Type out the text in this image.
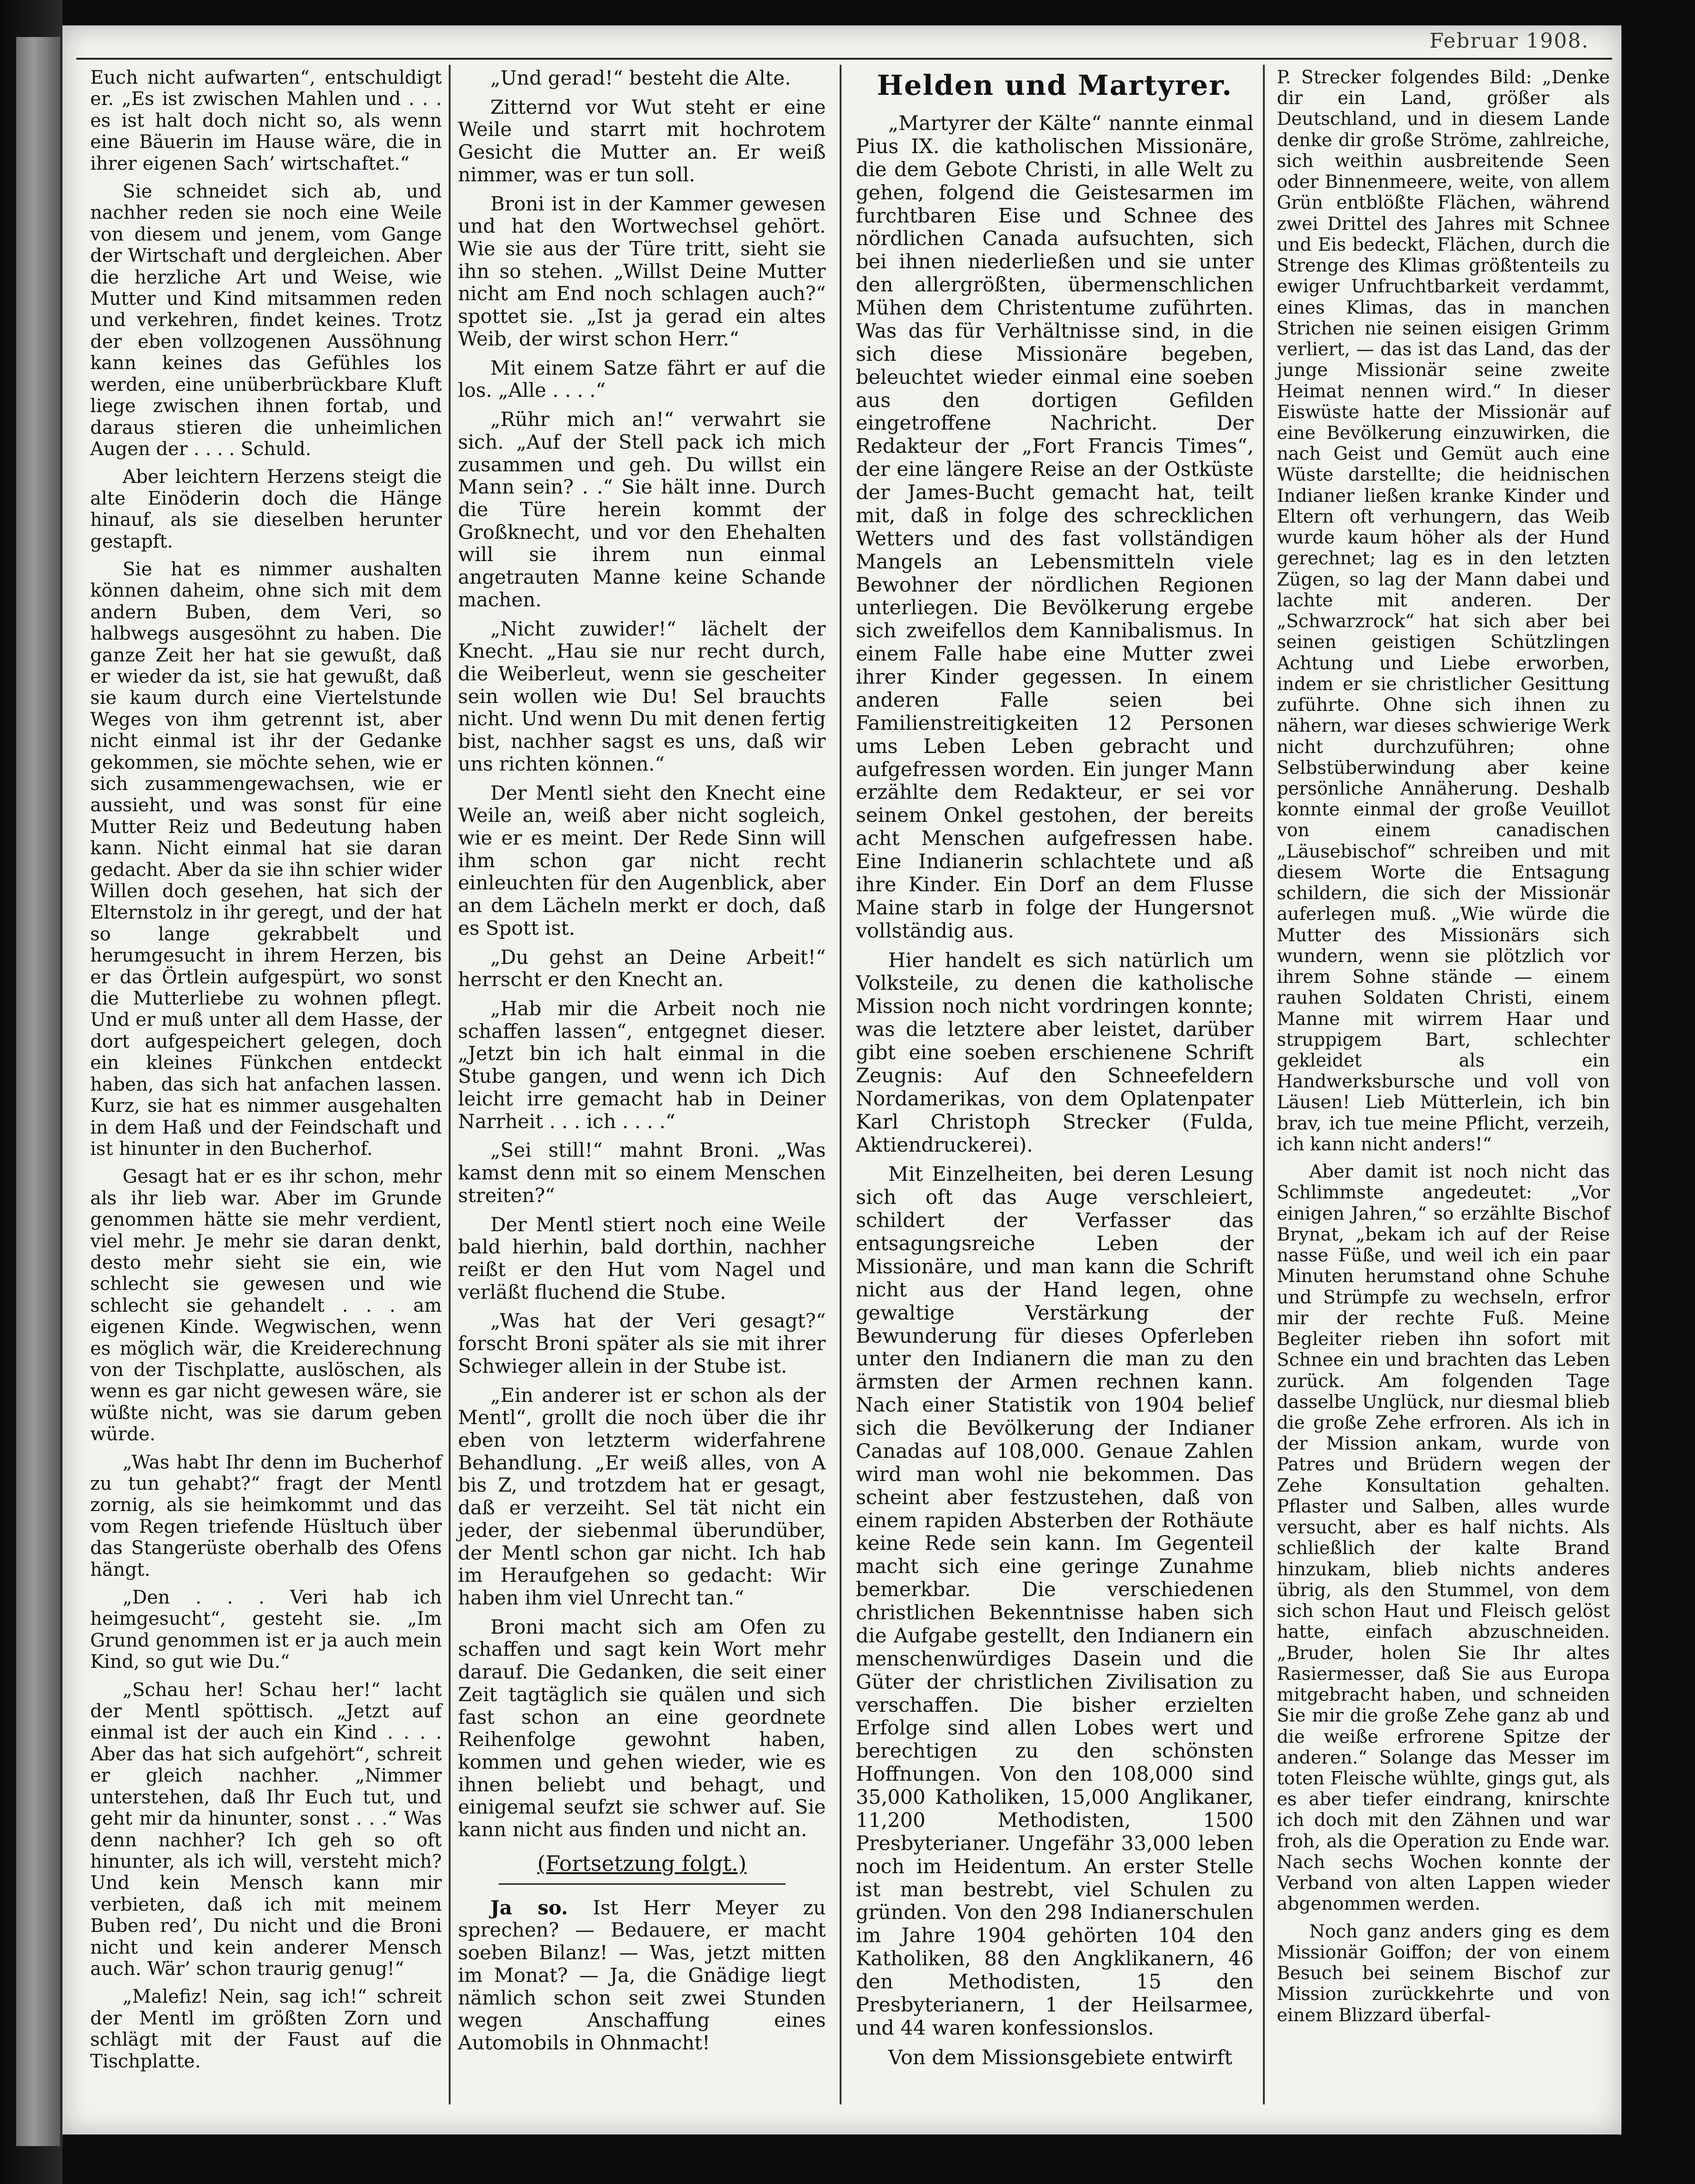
Februar 1908.

Euch nicht aufwarten“, entschuldigt er. „Es ist zwischen Mahlen und . . . es ist halt doch nicht so, als wenn eine Bäuerin im Hause wäre, die in ihrer eigenen Sach’ wirtschaftet.“

Sie schneidet sich ab, und nachher reden sie noch eine Weile von diesem und jenem, vom Gange der Wirtschaft und dergleichen. Aber die herzliche Art und Weise, wie Mutter und Kind mitsammen reden und verkehren, findet keines. Trotz der eben vollzogenen Aussöhnung kann keines das Gefühles los werden, eine unüberbrückbare Kluft liege zwischen ihnen fortab, und daraus stieren die unheimlichen Augen der . . . . Schuld.

Aber leichtern Herzens steigt die alte Einöderin doch die Hänge hinauf, als sie dieselben herunter gestapft.

Sie hat es nimmer aushalten können daheim, ohne sich mit dem andern Buben, dem Veri, so halbwegs ausgesöhnt zu haben. Die ganze Zeit her hat sie gewußt, daß er wieder da ist, sie hat gewußt, daß sie kaum durch eine Viertelstunde Weges von ihm getrennt ist, aber nicht einmal ist ihr der Gedanke gekommen, sie möchte sehen, wie er sich zusammengewachsen, wie er aussieht, und was sonst für eine Mutter Reiz und Bedeutung haben kann. Nicht einmal hat sie daran gedacht. Aber da sie ihn schier wider Willen doch gesehen, hat sich der Elternstolz in ihr geregt, und der hat so lange gekrabbelt und herumgesucht in ihrem Herzen, bis er das Örtlein aufgespürt, wo sonst die Mutterliebe zu wohnen pflegt. Und er muß unter all dem Hasse, der dort aufgespeichert gelegen, doch ein kleines Fünkchen entdeckt haben, das sich hat anfachen lassen. Kurz, sie hat es nimmer ausgehalten in dem Haß und der Feindschaft und ist hinunter in den Bucherhof.

Gesagt hat er es ihr schon, mehr als ihr lieb war. Aber im Grunde genommen hätte sie mehr verdient, viel mehr. Je mehr sie daran denkt, desto mehr sieht sie ein, wie schlecht sie gewesen und wie schlecht sie gehandelt . . . am eigenen Kinde. Wegwischen, wenn es möglich wär, die Kreiderechnung von der Tischplatte, auslöschen, als wenn es gar nicht gewesen wäre, sie wüßte nicht, was sie darum geben würde.

„Was habt Ihr denn im Bucherhof zu tun gehabt?“ fragt der Mentl zornig, als sie heimkommt und das vom Regen triefende Hüsltuch über das Stangerüste oberhalb des Ofens hängt.

„Den . . . Veri hab ich heimgesucht“, gesteht sie. „Im Grund genommen ist er ja auch mein Kind, so gut wie Du.“

„Schau her! Schau her!“ lacht der Mentl spöttisch. „Jetzt auf einmal ist der auch ein Kind . . . . Aber das hat sich aufgehört“, schreit er gleich nachher. „Nimmer unterstehen, daß Ihr Euch tut, und geht mir da hinunter, sonst . . .“ Was denn nachher? Ich geh so oft hinunter, als ich will, versteht mich? Und kein Mensch kann mir verbieten, daß ich mit meinem Buben red’, Du nicht und die Broni nicht und kein anderer Mensch auch. Wär’ schon traurig genug!“

„Malefiz! Nein, sag ich!“ schreit der Mentl im größten Zorn und schlägt mit der Faust auf die Tischplatte.

„Und gerad!“ besteht die Alte.

Zitternd vor Wut steht er eine Weile und starrt mit hochrotem Gesicht die Mutter an. Er weiß nimmer, was er tun soll.

Broni ist in der Kammer gewesen und hat den Wortwechsel gehört. Wie sie aus der Türe tritt, sieht sie ihn so stehen. „Willst Deine Mutter nicht am End noch schlagen auch?“ spottet sie. „Ist ja gerad ein altes Weib, der wirst schon Herr.“

Mit einem Satze fährt er auf die los. „Alle . . . .“

„Rühr mich an!“ verwahrt sie sich. „Auf der Stell pack ich mich zusammen und geh. Du willst ein Mann sein? . .“ Sie hält inne. Durch die Türe herein kommt der Großknecht, und vor den Ehehalten will sie ihrem nun einmal angetrauten Manne keine Schande machen.

„Nicht zuwider!“ lächelt der Knecht. „Hau sie nur recht durch, die Weiberleut, wenn sie gescheiter sein wollen wie Du! Sel brauchts nicht. Und wenn Du mit denen fertig bist, nachher sagst es uns, daß wir uns richten können.“

Der Mentl sieht den Knecht eine Weile an, weiß aber nicht sogleich, wie er es meint. Der Rede Sinn will ihm schon gar nicht recht einleuchten für den Augenblick, aber an dem Lächeln merkt er doch, daß es Spott ist.

„Du gehst an Deine Arbeit!“ herrscht er den Knecht an.

„Hab mir die Arbeit noch nie schaffen lassen“, entgegnet dieser. „Jetzt bin ich halt einmal in die Stube gangen, und wenn ich Dich leicht irre gemacht hab in Deiner Narrheit . . . ich . . . .“

„Sei still!“ mahnt Broni. „Was kamst denn mit so einem Menschen streiten?“

Der Mentl stiert noch eine Weile bald hierhin, bald dorthin, nachher reißt er den Hut vom Nagel und verläßt fluchend die Stube.

„Was hat der Veri gesagt?“ forscht Broni später als sie mit ihrer Schwieger allein in der Stube ist.

„Ein anderer ist er schon als der Mentl“, grollt die noch über die ihr eben von letzterm widerfahrene Behandlung. „Er weiß alles, von A bis Z, und trotzdem hat er gesagt, daß er verzeiht. Sel tät nicht ein jeder, der siebenmal überundüber, der Mentl schon gar nicht. Ich hab im Heraufgehen so gedacht: Wir haben ihm viel Unrecht tan.“

Broni macht sich am Ofen zu schaffen und sagt kein Wort mehr darauf. Die Gedanken, die seit einer Zeit tagtäglich sie quälen und sich fast schon an eine geordnete Reihenfolge gewohnt haben, kommen und gehen wieder, wie es ihnen beliebt und behagt, und einigemal seufzt sie schwer auf. Sie kann nicht aus finden und nicht an.

(Fortsetzung folgt.)

Ja so. Ist Herr Meyer zu sprechen? — Bedauere, er macht soeben Bilanz! — Was, jetzt mitten im Monat? — Ja, die Gnädige liegt nämlich schon seit zwei Stunden wegen Anschaffung eines Automobils in Ohnmacht!

Helden und Martyrer.

„Martyrer der Kälte“ nannte einmal Pius IX. die katholischen Missionäre, die dem Gebote Christi, in alle Welt zu gehen, folgend die Geistesarmen im furchtbaren Eise und Schnee des nördlichen Canada aufsuchten, sich bei ihnen niederließen und sie unter den allergrößten, übermenschlichen Mühen dem Christentume zuführten. Was das für Verhältnisse sind, in die sich diese Missionäre begeben, beleuchtet wieder einmal eine soeben aus den dortigen Gefilden eingetroffene Nachricht. Der Redakteur der „Fort Francis Times“, der eine längere Reise an der Ostküste der James-Bucht gemacht hat, teilt mit, daß in folge des schrecklichen Wetters und des fast vollständigen Mangels an Lebensmitteln viele Bewohner der nördlichen Regionen unterliegen. Die Bevölkerung ergebe sich zweifellos dem Kannibalismus. In einem Falle habe eine Mutter zwei ihrer Kinder gegessen. In einem anderen Falle seien bei Familienstreitigkeiten 12 Personen ums Leben Leben gebracht und aufgefressen worden. Ein junger Mann erzählte dem Redakteur, er sei vor seinem Onkel gestohen, der bereits acht Menschen aufgefressen habe. Eine Indianerin schlachtete und aß ihre Kinder. Ein Dorf an dem Flusse Maine starb in folge der Hungersnot vollständig aus.

Hier handelt es sich natürlich um Volksteile, zu denen die katholische Mission noch nicht vordringen konnte; was die letztere aber leistet, darüber gibt eine soeben erschienene Schrift Zeugnis: Auf den Schneefeldern Nordamerikas, von dem Oplatenpater Karl Christoph Strecker (Fulda, Aktiendruckerei).

Mit Einzelheiten, bei deren Lesung sich oft das Auge verschleiert, schildert der Verfasser das entsagungsreiche Leben der Missionäre, und man kann die Schrift nicht aus der Hand legen, ohne gewaltige Verstärkung der Bewunderung für dieses Opferleben unter den Indianern die man zu den ärmsten der Armen rechnen kann. Nach einer Statistik von 1904 belief sich die Bevölkerung der Indianer Canadas auf 108,000. Genaue Zahlen wird man wohl nie bekommen. Das scheint aber festzustehen, daß von einem rapiden Absterben der Rothäute keine Rede sein kann. Im Gegenteil macht sich eine geringe Zunahme bemerkbar. Die verschiedenen christlichen Bekenntnisse haben sich die Aufgabe gestellt, den Indianern ein menschenwürdiges Dasein und die Güter der christlichen Zivilisation zu verschaffen. Die bisher erzielten Erfolge sind allen Lobes wert und berechtigen zu den schönsten Hoffnungen. Von den 108,000 sind 35,000 Katholiken, 15,000 Anglikaner, 11,200 Methodisten, 1500 Presbyterianer. Ungefähr 33,000 leben noch im Heidentum. An erster Stelle ist man bestrebt, viel Schulen zu gründen. Von den 298 Indianerschulen im Jahre 1904 gehörten 104 den Katholiken, 88 den Angklikanern, 46 den Methodisten, 15 den Presbyterianern, 1 der Heilsarmee, und 44 waren konfessionslos.

Von dem Missionsgebiete entwirft

P. Strecker folgendes Bild: „Denke dir ein Land, größer als Deutschland, und in diesem Lande denke dir große Ströme, zahlreiche, sich weithin ausbreitende Seen oder Binnenmeere, weite, von allem Grün entblößte Flächen, während zwei Drittel des Jahres mit Schnee und Eis bedeckt, Flächen, durch die Strenge des Klimas größtenteils zu ewiger Unfruchtbarkeit verdammt, eines Klimas, das in manchen Strichen nie seinen eisigen Grimm verliert, — das ist das Land, das der junge Missionär seine zweite Heimat nennen wird.“ In dieser Eiswüste hatte der Missionär auf eine Bevölkerung einzuwirken, die nach Geist und Gemüt auch eine Wüste darstellte; die heidnischen Indianer ließen kranke Kinder und Eltern oft verhungern, das Weib wurde kaum höher als der Hund gerechnet; lag es in den letzten Zügen, so lag der Mann dabei und lachte mit anderen. Der „Schwarzrock“ hat sich aber bei seinen geistigen Schützlingen Achtung und Liebe erworben, indem er sie christlicher Gesittung zuführte. Ohne sich ihnen zu nähern, war dieses schwierige Werk nicht durchzuführen; ohne Selbstüberwindung aber keine persönliche Annäherung. Deshalb konnte einmal der große Veuillot von einem canadischen „Läusebischof“ schreiben und mit diesem Worte die Entsagung schildern, die sich der Missionär auferlegen muß. „Wie würde die Mutter des Missionärs sich wundern, wenn sie plötzlich vor ihrem Sohne stände — einem rauhen Soldaten Christi, einem Manne mit wirrem Haar und struppigem Bart, schlechter gekleidet als ein Handwerksbursche und voll von Läusen! Lieb Mütterlein, ich bin brav, ich tue meine Pflicht, verzeih, ich kann nicht anders!“

Aber damit ist noch nicht das Schlimmste angedeutet: „Vor einigen Jahren,“ so erzählte Bischof Brynat, „bekam ich auf der Reise nasse Füße, und weil ich ein paar Minuten herumstand ohne Schuhe und Strümpfe zu wechseln, erfror mir der rechte Fuß. Meine Begleiter rieben ihn sofort mit Schnee ein und brachten das Leben zurück. Am folgenden Tage dasselbe Unglück, nur diesmal blieb die große Zehe erfroren. Als ich in der Mission ankam, wurde von Patres und Brüdern wegen der Zehe Konsultation gehalten. Pflaster und Salben, alles wurde versucht, aber es half nichts. Als schließlich der kalte Brand hinzukam, blieb nichts anderes übrig, als den Stummel, von dem sich schon Haut und Fleisch gelöst hatte, einfach abzuschneiden. „Bruder, holen Sie Ihr altes Rasiermesser, daß Sie aus Europa mitgebracht haben, und schneiden Sie mir die große Zehe ganz ab und die weiße erfrorene Spitze der anderen.“ Solange das Messer im toten Fleische wühlte, gings gut, als es aber tiefer eindrang, knirschte ich doch mit den Zähnen und war froh, als die Operation zu Ende war. Nach sechs Wochen konnte der Verband von alten Lappen wieder abgenommen werden.

Noch ganz anders ging es dem Missionär Goiffon; der von einem Besuch bei seinem Bischof zur Mission zurückkehrte und von einem Blizzard überfal-
